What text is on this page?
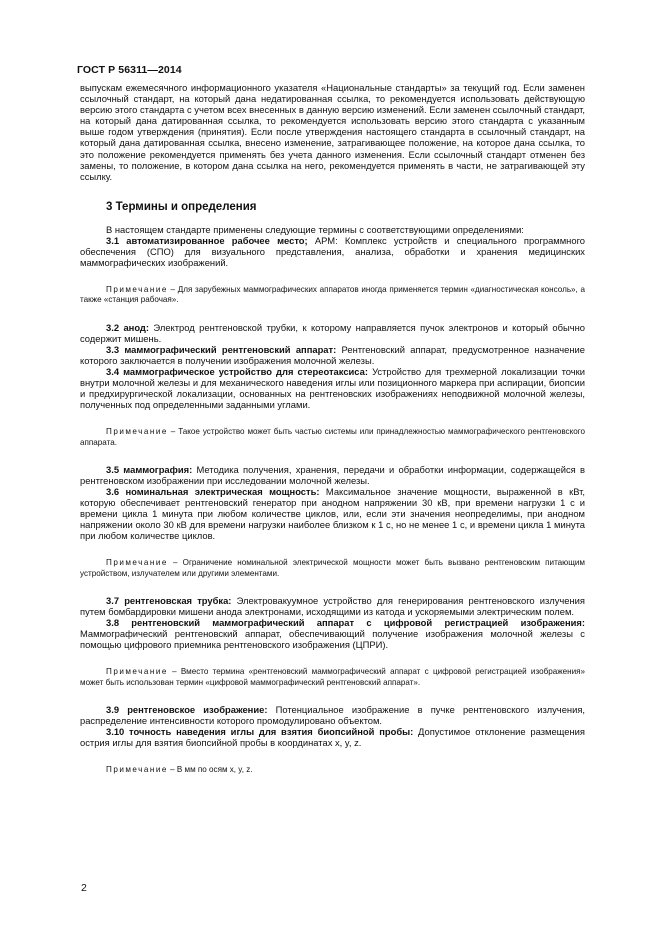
ГОСТ Р 56311—2014

выпускам ежемесячного информационного указателя «Национальные стандарты» за текущий год. Если заменен ссылочный стандарт, на который дана недатированная ссылка, то рекомендуется использовать действующую версию этого стандарта с учетом всех внесенных в данную версию изменений. Если заменен ссылочный стандарт, на который дана датированная ссылка, то рекомендуется использовать версию этого стандарта с указанным выше годом утверждения (принятия). Если после утверждения настоящего стандарта в ссылочный стандарт, на который дана датированная ссылка, внесено изменение, затрагивающее положение, на которое дана ссылка, то это положение рекомендуется применять без учета данного изменения. Если ссылочный стандарт отменен без замены, то положение, в котором дана ссылка на него, рекомендуется применять в части, не затрагивающей эту ссылку.

3 Термины и определения

В настоящем стандарте применены следующие термины с соответствующими определениями:

3.1 автоматизированное рабочее место; АРМ: Комплекс устройств и специального программного обеспечения (СПО) для визуального представления, анализа, обработки и хранения медицинских маммографических изображений.

Примечание – Для зарубежных маммографических аппаратов иногда применяется термин «диагностическая консоль», а также «станция рабочая».

3.2 анод: Электрод рентгеновской трубки, к которому направляется пучок электронов и который обычно содержит мишень.

3.3 маммографический рентгеновский аппарат: Рентгеновский аппарат, предусмотренное назначение которого заключается в получении изображения молочной железы.

3.4 маммографическое устройство для стереотаксиса: Устройство для трехмерной локализации точки внутри молочной железы и для механического наведения иглы или позиционного маркера при аспирации, биопсии и предхирургической локализации, основанных на рентгеновских изображениях неподвижной молочной железы, полученных под определенными заданными углами.

Примечание – Такое устройство может быть частью системы или принадлежностью маммографического рентгеновского аппарата.

3.5 маммография: Методика получения, хранения, передачи и обработки информации, содержащейся в рентгеновском изображении при исследовании молочной железы.

3.6 номинальная электрическая мощность: Максимальное значение мощности, выраженной в кВт, которую обеспечивает рентгеновский генератор при анодном напряжении 30 кВ, при времени нагрузки 1 с и времени цикла 1 минута при любом количестве циклов, или, если эти значения неопределимы, при анодном напряжении около 30 кВ для времени нагрузки наиболее близком к 1 с, но не менее 1 с, и времени цикла 1 минута при любом количестве циклов.

Примечание – Ограничение номинальной электрической мощности может быть вызвано рентгеновским питающим устройством, излучателем или другими элементами.

3.7 рентгеновская трубка: Электровакуумное устройство для генерирования рентгеновского излучения путем бомбардировки мишени анода электронами, исходящими из катода и ускоряемыми электрическим полем.

3.8 рентгеновский маммографический аппарат с цифровой регистрацией изображения: Маммографический рентгеновский аппарат, обеспечивающий получение изображения молочной железы с помощью цифрового приемника рентгеновского изображения (ЦПРИ).

Примечание – Вместо термина «рентгеновский маммографический аппарат с цифровой регистрацией изображения» может быть использован термин «цифровой маммографический рентгеновский аппарат».

3.9 рентгеновское изображение: Потенциальное изображение в пучке рентгеновского излучения, распределение интенсивности которого промодулировано объектом.

3.10 точность наведения иглы для взятия биопсийной пробы: Допустимое отклонение размещения острия иглы для взятия биопсийной пробы в координатах x, y, z.

Примечание – В мм по осям x, y, z.

2
